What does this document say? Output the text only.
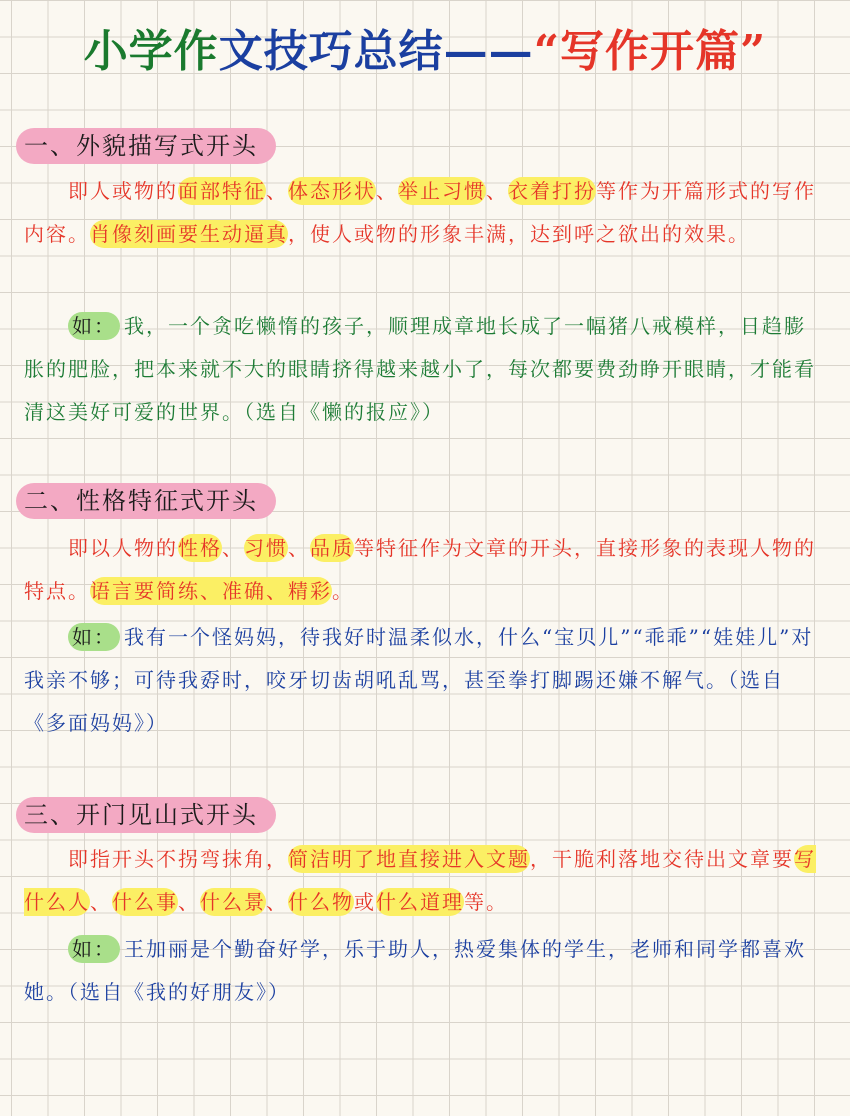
小学作文技巧总结——“写作开篇”
一、外貌描写式开头
即人或物的面部特征、体态形状、举止习惯、衣着打扮等作为开篇形式的写作内容。肖像刻画要生动逼真，使人或物的形象丰满，达到呼之欲出的效果。
如： 我，一个贪吃懒惰的孩子，顺理成章地长成了一幅猪八戒模样，日趋膨胀的肥脸，把本来就不大的眼睛挤得越来越小了，每次都要费劲睁开眼睛，才能看清这美好可爱的世界。（选自《懒的报应》）
二、性格特征式开头
即以人物的性格、习惯、品质等特征作为文章的开头，直接形象的表现人物的特点。语言要简练、准确、精彩。
如： 我有一个怪妈妈，待我好时温柔似水，什么“宝贝儿”“乖乖”“娃娃儿”对我亲不够；可待我孬时，咬牙切齿胡吼乱骂，甚至拳打脚踢还嫌不解气。（选自《多面妈妈》）
三、开门见山式开头
即指开头不拐弯抹角，简洁明了地直接进入文题，干脆利落地交待出文章要写什么人、什么事、什么景、什么物或什么道理等。
如： 王加丽是个勤奋好学，乐于助人，热爱集体的学生，老师和同学都喜欢她。（选自《我的好朋友》）
